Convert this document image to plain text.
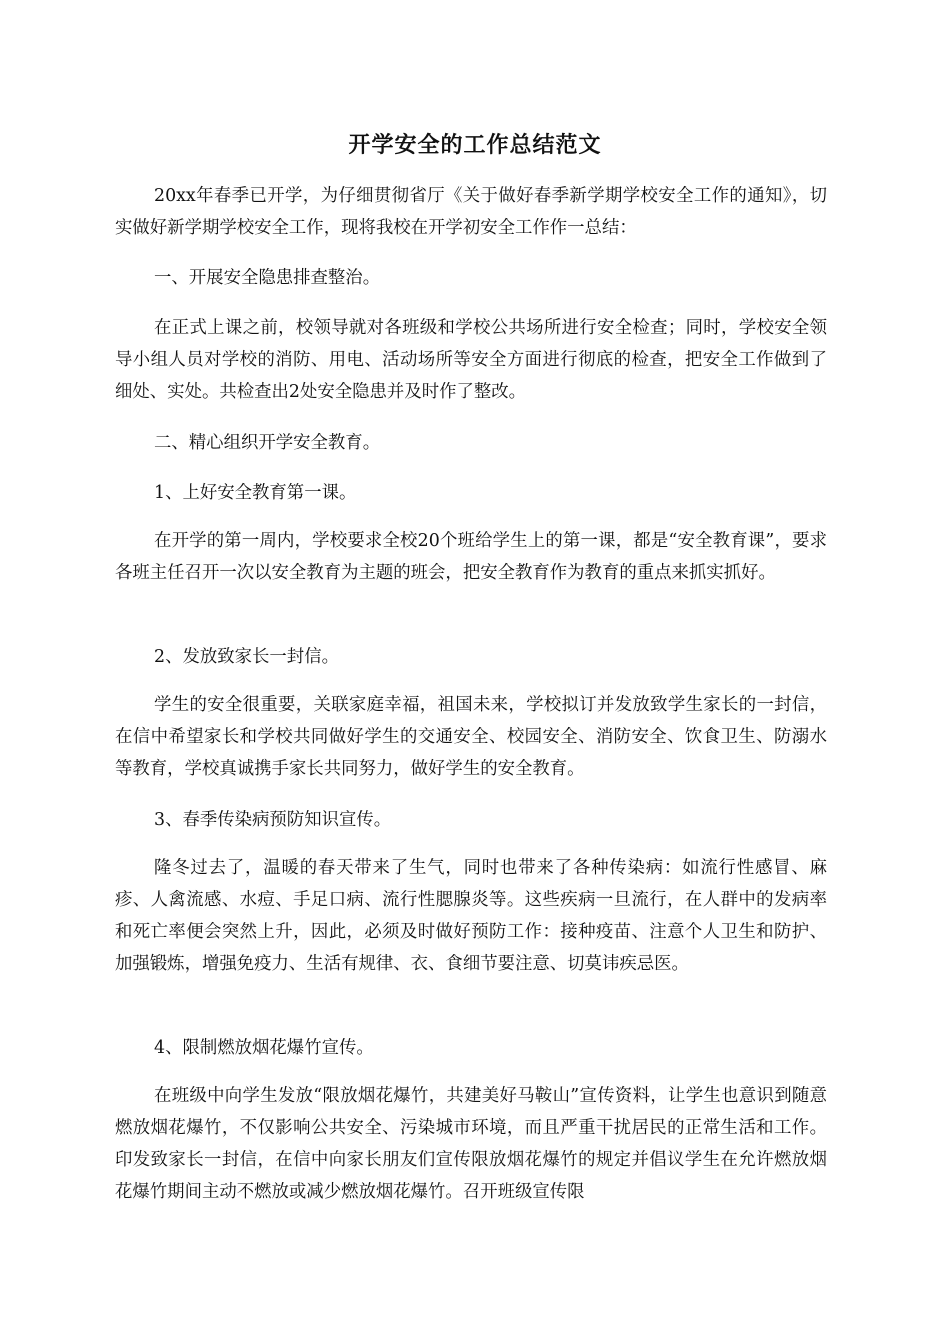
开学安全的工作总结范文

20xx年春季已开学，为仔细贯彻省厅《关于做好春季新学期学校安全工作的通知》，切实做好新学期学校安全工作，现将我校在开学初安全工作作一总结：

一、开展安全隐患排查整治。

在正式上课之前，校领导就对各班级和学校公共场所进行安全检查；同时，学校安全领导小组人员对学校的消防、用电、活动场所等安全方面进行彻底的检查，把安全工作做到了细处、实处。共检查出2处安全隐患并及时作了整改。

二、精心组织开学安全教育。

1、上好安全教育第一课。

在开学的第一周内，学校要求全校20个班给学生上的第一课，都是“安全教育课”，要求各班主任召开一次以安全教育为主题的班会，把安全教育作为教育的重点来抓实抓好。

2、发放致家长一封信。

学生的安全很重要，关联家庭幸福，祖国未来，学校拟订并发放致学生家长的一封信，在信中希望家长和学校共同做好学生的交通安全、校园安全、消防安全、饮食卫生、防溺水等教育，学校真诚携手家长共同努力，做好学生的安全教育。

3、春季传染病预防知识宣传。

隆冬过去了，温暖的春天带来了生气，同时也带来了各种传染病：如流行性感冒、麻疹、人禽流感、水痘、手足口病、流行性腮腺炎等。这些疾病一旦流行，在人群中的发病率和死亡率便会突然上升，因此，必须及时做好预防工作：接种疫苗、注意个人卫生和防护、加强锻炼，增强免疫力、生活有规律、衣、食细节要注意、切莫讳疾忌医。

4、限制燃放烟花爆竹宣传。

在班级中向学生发放“限放烟花爆竹，共建美好马鞍山”宣传资料，让学生也意识到随意燃放烟花爆竹，不仅影响公共安全、污染城市环境，而且严重干扰居民的正常生活和工作。印发致家长一封信，在信中向家长朋友们宣传限放烟花爆竹的规定并倡议学生在允许燃放烟花爆竹期间主动不燃放或减少燃放烟花爆竹。召开班级宣传限
